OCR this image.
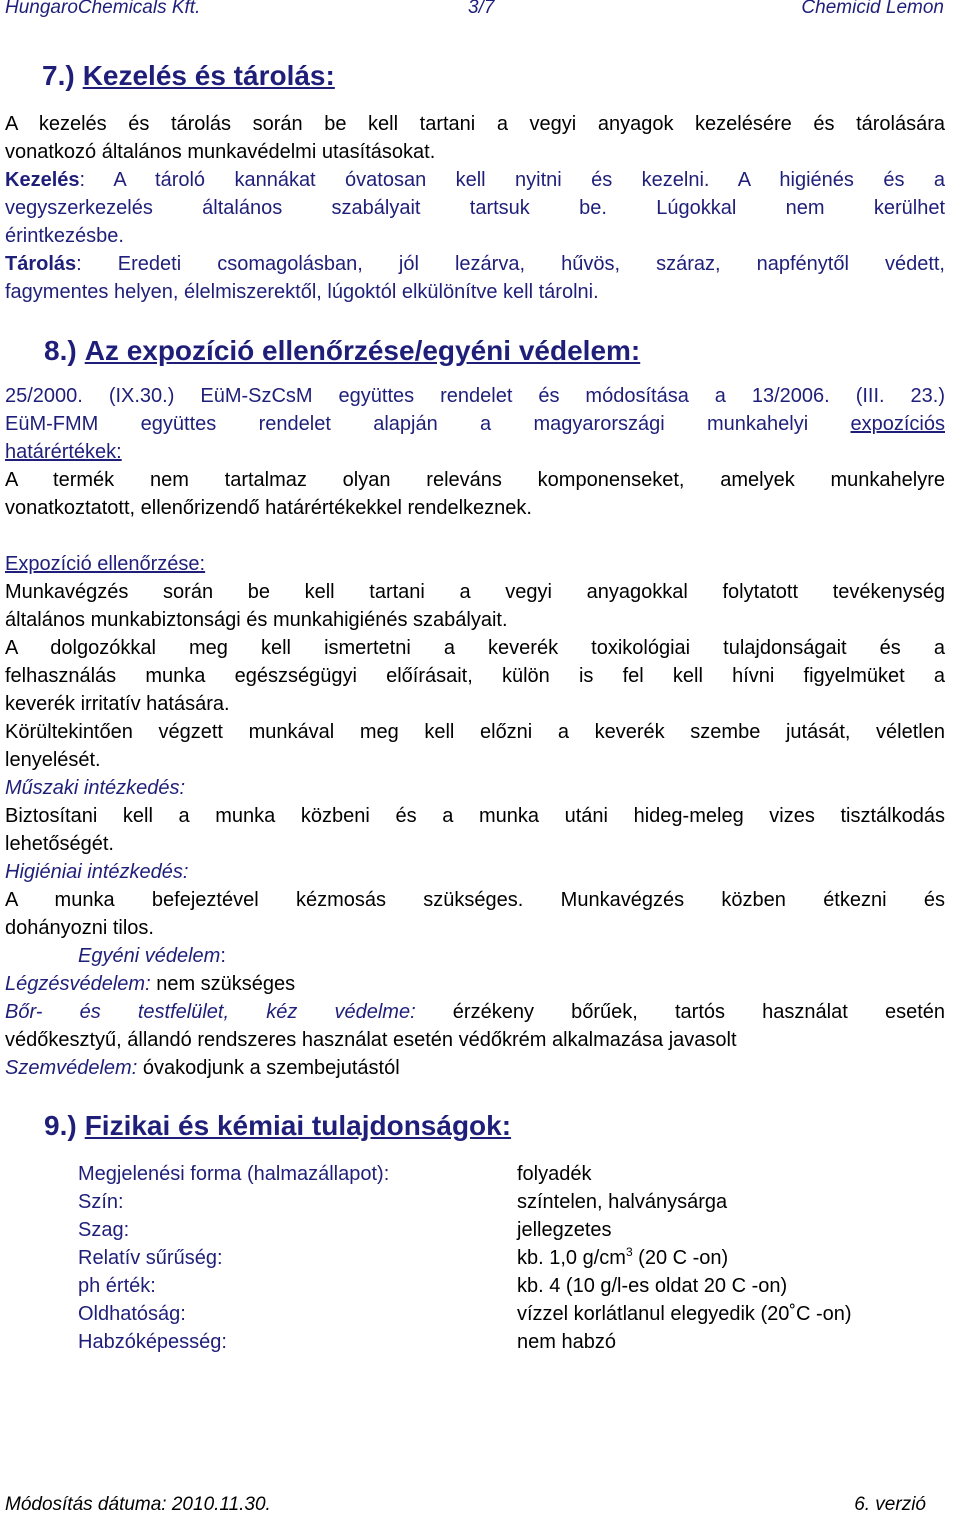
HungaroChemicals Kft.	3/7	Chemicid Lemon
7.) Kezelés és tárolás:
A kezelés és tárolás során be kell tartani a vegyi anyagok kezelésére és tárolására
vonatkozó általános munkavédelmi utasításokat.
Kezelés: A tároló kannákat óvatosan kell nyitni és kezelni. A higiénés és a
vegyszerkezelés általános szabályait tartsuk be. Lúgokkal nem kerülhet
érintkezésbe.
Tárolás: Eredeti csomagolásban, jól lezárva, hűvös, száraz, napfénytől védett,
fagymentes helyen, élelmiszerektől, lúgoktól elkülönítve kell tárolni.
8.) Az expozíció ellenőrzése/egyéni védelem:
25/2000. (IX.30.) EüM-SzCsM együttes rendelet és módosítása a 13/2006. (III. 23.)
EüM-FMM együttes rendelet alapján a magyarországi munkahelyi expozíciós
határértékek:
A termék nem tartalmaz olyan releváns komponenseket, amelyek munkahelyre
vonatkoztatott, ellenőrizendő határértékekkel rendelkeznek.
Expozíció ellenőrzése:
Munkavégzés során be kell tartani a vegyi anyagokkal folytatott tevékenység
általános munkabiztonsági és munkahigiénés szabályait.
A dolgozókkal meg kell ismertetni a keverék toxikológiai tulajdonságait és a
felhasználás munka egészségügyi előírásait, külön is fel kell hívni figyelmüket a
keverék irritatív hatására.
Körültekintően végzett munkával meg kell előzni a keverék szembe jutását, véletlen
lenyelését.
Műszaki intézkedés:
Biztosítani kell a munka közbeni és a munka utáni hideg-meleg vizes tisztálkodás
lehetőségét.
Higiéniai intézkedés:
A munka befejeztével kézmosás szükséges. Munkavégzés közben étkezni és
dohányozni tilos.
Egyéni védelem:
Légzésvédelem: nem szükséges
Bőr- és testfelület, kéz védelme: érzékeny bőrűek, tartós használat esetén
védőkesztyű, állandó rendszeres használat esetén védőkrém alkalmazása javasolt
Szemvédelem: óvakodjunk a szembejutástól
9.) Fizikai és kémiai tulajdonságok:
Megjelenési forma (halmazállapot):	folyadék
Szín:	színtelen, halványsárga
Szag:	jellegzetes
Relatív sűrűség:	kb. 1,0 $g/cm^3$ (20 C -on)
ph érték:	kb. 4 (10 g/l-es oldat 20 C -on)
Oldhatóság:	vízzel korlátlanul elegyedik (20˚C -on)
Habzóképesség:	nem habzó
Módosítás dátuma: 2010.11.30.	6. verzió
